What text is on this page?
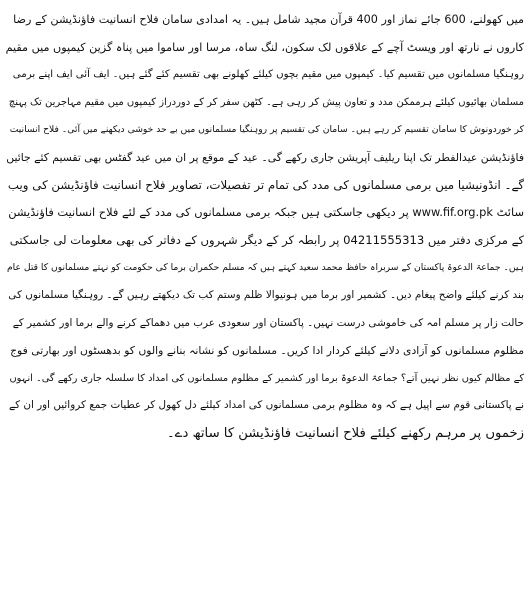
میں کھولنے، 600 جائے نماز اور 400 قرآن مجید شامل ہیں۔ یہ امدادی سامان فلاح انسانیت فاؤنڈیشن کے رضا
کاروں نے نارتھ اور ویسٹ آچے کے علاقوں لک سکون، لنگ ساہ، مرسا اور ساموا میں پناہ گزین کیمپوں میں مقیم
روہنگیا مسلمانوں میں تقسیم کیا۔ کیمپوں میں مقیم بچوں کیلئے کھلونے بھی تقسیم کئے گئے ہیں۔ ایف آئی ایف اپنے برمی
مسلمان بھائیوں کیلئے ہرممکن مدد و تعاون پیش کر رہی ہے۔ کٹھن سفر کر کے دوردراز کیمپوں میں مقیم مہاجرین تک پہنچ
کر خوردونوش کا سامان تقسیم کر رہے ہیں۔ سامان کی تقسیم پر روہنگیا مسلمانوں میں بے حد خوشی دیکھنے میں آئی۔ فلاح انسانیت
فاؤنڈیشن عیدالفطر تک اپنا ریلیف آپریشن جاری رکھے گی۔ عید کے موقع پر ان میں عید گفٹس بھی تقسیم کئے جائیں
گے۔ انڈونیشیا میں برمی مسلمانوں کی مدد کی تمام تر تفصیلات، تصاویر فلاح انسانیت فاؤنڈیشن کی ویب
سائٹ www.fif.org.pk پر دیکھی جاسکتی ہیں جبکہ برمی مسلمانوں کی مدد کے لئے فلاح انسانیت فاؤنڈیشن
کے مرکزی دفتر میں 04211555313 پر رابطہ کر کے دیگر شہروں کے دفاتر کی بھی معلومات لی جاسکتی
ہیں۔ جماعۃ الدعوۃ پاکستان کے سربراہ حافظ محمد سعید کہتے ہیں کہ مسلم حکمران برما کی حکومت کو نہتے مسلمانوں کا قتل عام
بند کرنے کیلئے واضح پیغام دیں۔ کشمیر اور برما میں ہونیوالا ظلم وستم کب تک دیکھتے رہیں گے۔ روہنگیا مسلمانوں کی
حالت زار پر مسلم امہ کی خاموشی درست نہیں۔ پاکستان اور سعودی عرب میں دھماکے کرنے والے برما اور کشمیر کے
مظلوم مسلمانوں کو آزادی دلانے کیلئے کردار ادا کریں۔ مسلمانوں کو نشانہ بنانے والوں کو بدھسٹوں اور بھارتی فوج
کے مظالم کیوں نظر نہیں آتے؟ جماعۃ الدعوۃ برما اور کشمیر کے مظلوم مسلمانوں کی امداد کا سلسلہ جاری رکھے گی۔ انہوں
نے پاکستانی قوم سے اپیل ہے کہ وہ مظلوم برمی مسلمانوں کی امداد کیلئے دل کھول کر عطیات جمع کروائیں اور ان کے
زخموں پر مرہم رکھنے کیلئے فلاح انسانیت فاؤنڈیشن کا ساتھ دے۔
